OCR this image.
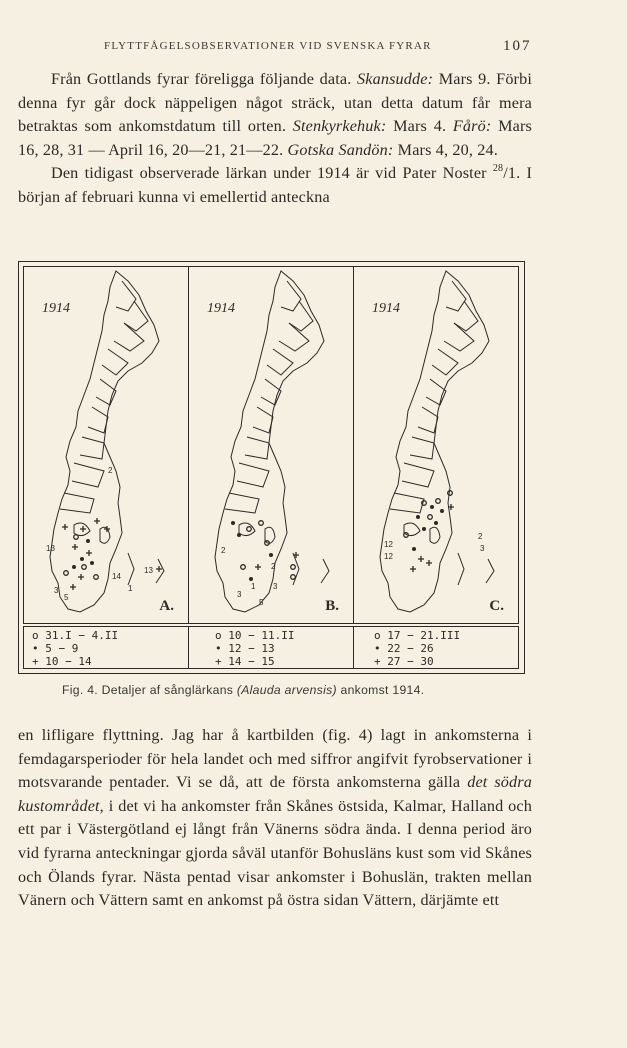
FLYTTFÅGELSOBSERVATIONER VID SVENSKA FYRAR	107

Från Gottlands fyrar föreligga följande data. Skansudde: Mars 9. Förbi denna fyr går dock näppeligen något sträck, utan detta datum får mera betraktas som ankomstdatum till orten. Stenkyrkehuk: Mars 4. Fårö: Mars 16, 28, 31 — April 16, 20—21, 21—22. Gotska Sandön: Mars 4, 20, 24.

Den tidigast observerade lärkan under 1914 är vid Pater Noster $^{28}$/1. I början af februari kunna vi emellertid anteckna

2
13
3
5
1
13
14
1914
A.
2
2
3
1
5
3
1914
B.
2
3
12
12
1914
C.
o 31.I − 4.II
• 5 − 9
+ 10 − 14
o 10 − 11.II
• 12 − 13
+ 14 − 15
o 17 − 21.III
• 22 − 26
+ 27 − 30
Fig. 4. Detaljer af sånglärkans (Alauda arvensis) ankomst 1914.

en lifligare flyttning. Jag har å kartbilden (fig. 4) lagt in ankomsterna i femdagarsperioder för hela landet och med siffror angifvit fyrobservationer i motsvarande pentader. Vi se då, att de första ankomsterna gälla det södra kustområdet, i det vi ha ankomster från Skånes östsida, Kalmar, Halland och ett par i Västergötland ej långt från Vänerns södra ända. I denna period äro vid fyrarna anteckningar gjorda såväl utanför Bohusläns kust som vid Skånes och Ölands fyrar. Nästa pentad visar ankomster i Bohuslän, trakten mellan Vänern och Vättern samt en ankomst på östra sidan Vättern, därjämte ett
